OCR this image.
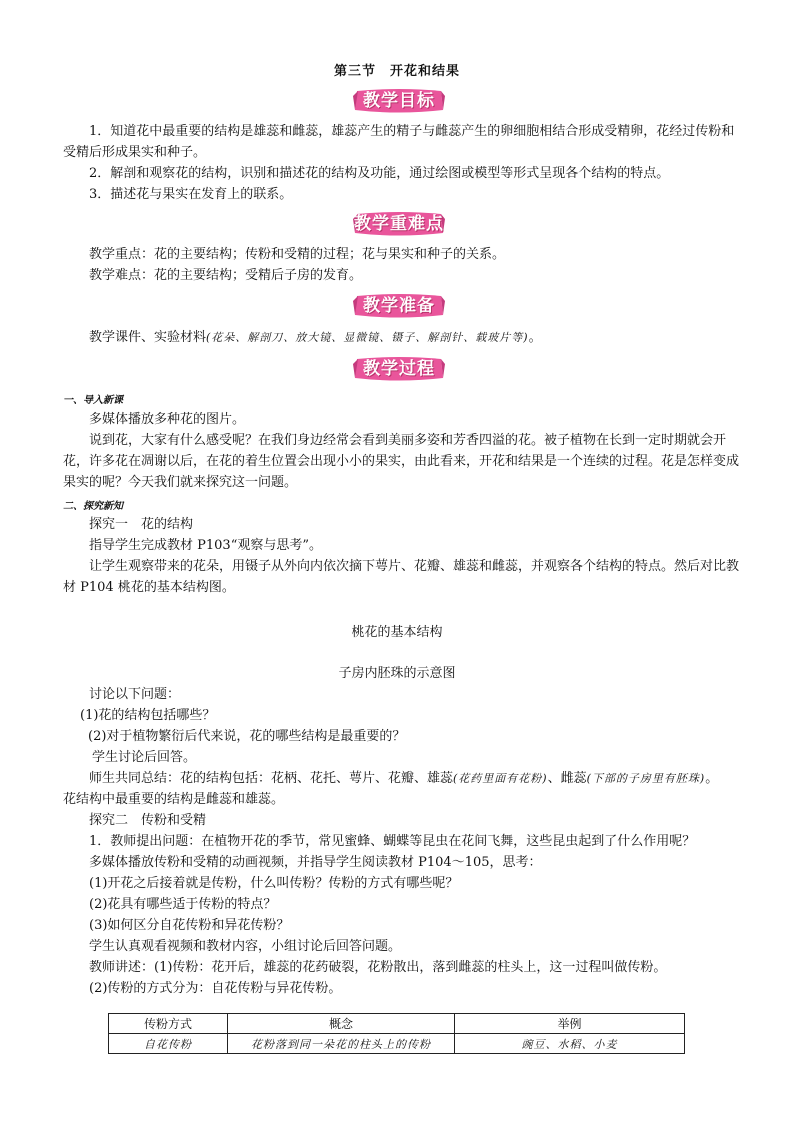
第三节　开花和结果
教学目标
1．知道花中最重要的结构是雄蕊和雌蕊，雄蕊产生的精子与雌蕊产生的卵细胞相结合形成受精卵，花经过传粉和受精后形成果实和种子。
2．解剖和观察花的结构，识别和描述花的结构及功能，通过绘图或模型等形式呈现各个结构的特点。
3．描述花与果实在发育上的联系。
教学重难点
教学重点：花的主要结构；传粉和受精的过程；花与果实和种子的关系。
教学难点：花的主要结构；受精后子房的发育。
教学准备
教学课件、实验材料(花朵、解剖刀、放大镜、显微镜、镊子、解剖针、载玻片等)。
教学过程
一、导入新课
多媒体播放多种花的图片。
说到花，大家有什么感受呢？在我们身边经常会看到美丽多姿和芳香四溢的花。被子植物在长到一定时期就会开花，许多花在凋谢以后，在花的着生位置会出现小小的果实，由此看来，开花和结果是一个连续的过程。花是怎样变成果实的呢？今天我们就来探究这一问题。
二、探究新知
探究一　花的结构
指导学生完成教材 P103“观察与思考”。
让学生观察带来的花朵，用镊子从外向内依次摘下萼片、花瓣、雄蕊和雌蕊，并观察各个结构的特点。然后对比教材 P104 桃花的基本结构图。
桃花的基本结构
子房内胚珠的示意图
讨论以下问题：
(1)花的结构包括哪些？
(2)对于植物繁衍后代来说，花的哪些结构是最重要的？
学生讨论后回答。
师生共同总结：花的结构包括：花柄、花托、萼片、花瓣、雄蕊(花药里面有花粉)、雌蕊(下部的子房里有胚珠)。
花结构中最重要的结构是雌蕊和雄蕊。
探究二　传粉和受精
1．教师提出问题：在植物开花的季节，常见蜜蜂、蝴蝶等昆虫在花间飞舞，这些昆虫起到了什么作用呢？
多媒体播放传粉和受精的动画视频，并指导学生阅读教材 P104～105，思考：
(1)开花之后接着就是传粉，什么叫传粉？传粉的方式有哪些呢？
(2)花具有哪些适于传粉的特点？
(3)如何区分自花传粉和异花传粉？
学生认真观看视频和教材内容，小组讨论后回答问题。
教师讲述：(1)传粉：花开后，雄蕊的花药破裂，花粉散出，落到雌蕊的柱头上，这一过程叫做传粉。
(2)传粉的方式分为：自花传粉与异花传粉。
传粉方式	概念	举例
自花传粉	花粉落到同一朵花的柱头上的传粉	豌豆、水稻、小麦
